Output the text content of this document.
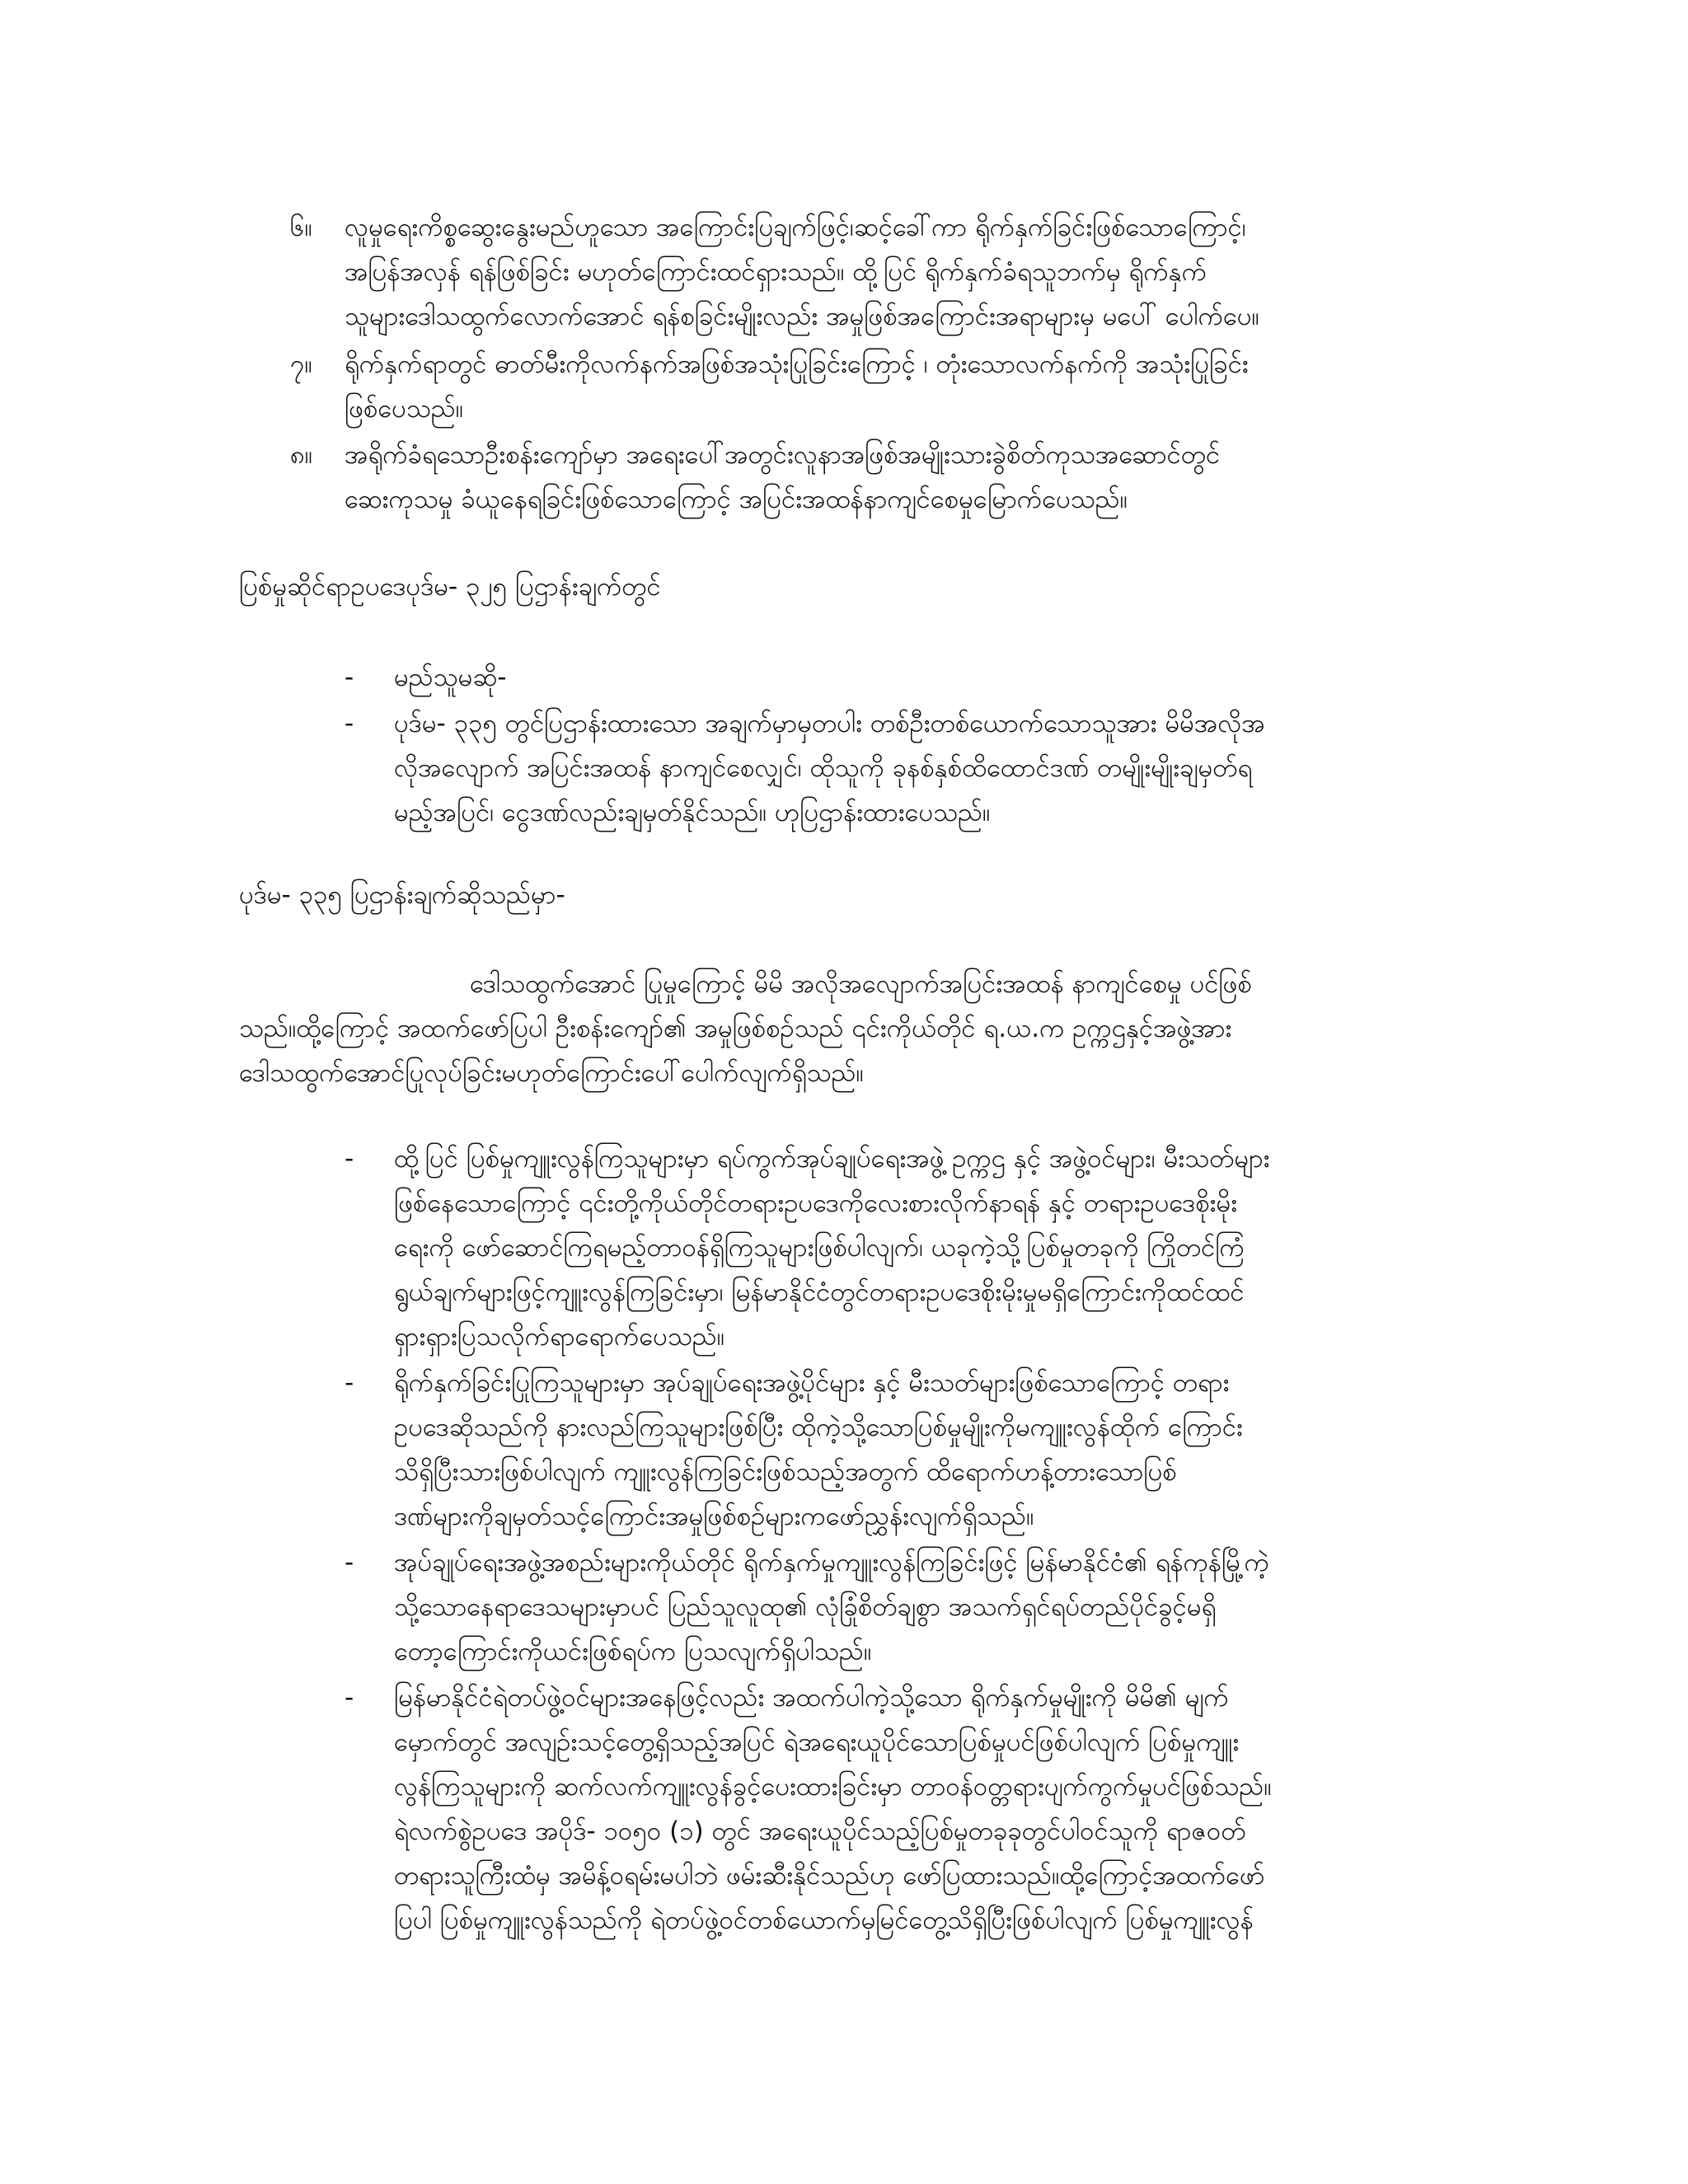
၆။ လူမှုရေးကိစ္စဆွေးနွေးမည်ဟူသော အကြောင်းပြချက်ဖြင့်၊ဆင့်ခေါ်ကာ ရိုက်နှက်ခြင်းဖြစ်သောကြောင့်၊
အပြန်အလှန် ရန်ဖြစ်ခြင်း မဟုတ်ကြောင်းထင်ရှားသည်။ ထို့ပြင် ရိုက်နှက်ခံရသူဘက်မှ ရိုက်နှက်
သူများဒေါသထွက်လောက်အောင် ရန်စခြင်းမျိုးလည်း အမှုဖြစ်အကြောင်းအရာများမှ မပေါ် ပေါက်ပေ။
၇။ ရိုက်နှက်ရာတွင် ဓာတ်မီးကိုလက်နက်အဖြစ်အသုံးပြုခြင်းကြောင့် ၊ တုံးသောလက်နက်ကို အသုံးပြုခြင်း
ဖြစ်ပေသည်။
၈။ အရိုက်ခံရသောဦးစန်းကျော်မှာ အရေးပေါ်အတွင်းလူနာအဖြစ်အမျိုးသားခွဲစိတ်ကုသအဆောင်တွင်
ဆေးကုသမှု ခံယူနေရခြင်းဖြစ်သောကြောင့် အပြင်းအထန်နာကျင်စေမှုမြောက်ပေသည်။
ပြစ်မှုဆိုင်ရာဥပဒေပုဒ်မ- ၃၂၅ ပြဌာန်းချက်တွင်
- မည်သူမဆို-
- ပုဒ်မ- ၃၃၅ တွင်ပြဌာန်းထားသော အချက်မှာမှတပါး တစ်ဦးတစ်ယောက်သောသူအား မိမိအလိုအ
လိုအလျောက် အပြင်းအထန် နာကျင်စေလျှင်၊ ထိုသူကို ခုနစ်နှစ်ထိထောင်ဒဏ် တမျိုးမျိုးချမှတ်ရ
မည့်အပြင်၊ ငွေဒဏ်လည်းချမှတ်နိုင်သည်။ ဟုပြဌာန်းထားပေသည်။
ပုဒ်မ- ၃၃၅ ပြဌာန်းချက်ဆိုသည်မှာ-
ဒေါသထွက်အောင် ပြုမှုကြောင့် မိမိ အလိုအလျောက်အပြင်းအထန် နာကျင်စေမှု ပင်ဖြစ်
သည်။ထို့ကြောင့် အထက်ဖော်ပြပါ ဦးစန်းကျော်၏ အမှုဖြစ်စဉ်သည် ၎င်းကိုယ်တိုင် ရ.ယ.က ဥက္ကဌနှင့်အဖွဲ့အား
ဒေါသထွက်အောင်ပြုလုပ်ခြင်းမဟုတ်ကြောင်းပေါ်ပေါက်လျက်ရှိသည်။
- ထို့ပြင် ပြစ်မှုကျူးလွန်ကြသူများမှာ ရပ်ကွက်အုပ်ချုပ်ရေးအဖွဲ့ ဥက္ကဌ နှင့် အဖွဲ့ဝင်များ၊ မီးသတ်များ
ဖြစ်နေသောကြောင့် ၎င်းတို့ကိုယ်တိုင်တရားဥပဒေကိုလေးစားလိုက်နာရန် နှင့် တရားဥပဒေစိုးမိုး
ရေးကို ဖော်ဆောင်ကြရမည့်တာဝန်ရှိကြသူများဖြစ်ပါလျက်၊ ယခုကဲ့သို့ပြစ်မှုတခုကို ကြိုတင်ကြံ
ရွယ်ချက်များဖြင့်ကျူးလွန်ကြခြင်းမှာ၊ မြန်မာနိုင်ငံတွင်တရားဥပဒေစိုးမိုးမှုမရှိကြောင်းကိုထင်ထင်
ရှားရှားပြသလိုက်ရာရောက်ပေသည်။
- ရိုက်နှက်ခြင်းပြုကြသူများမှာ အုပ်ချုပ်ရေးအဖွဲ့ပိုင်များ နှင့် မီးသတ်များဖြစ်သောကြောင့် တရား
ဥပဒေဆိုသည်ကို နားလည်ကြသူများဖြစ်ပြီး ထိုကဲ့သို့သောပြစ်မှုမျိုးကိုမကျူးလွန်ထိုက် ကြောင်း
သိရှိပြီးသားဖြစ်ပါလျက် ကျူးလွန်ကြခြင်းဖြစ်သည့်အတွက် ထိရောက်ဟန့်တားသောပြစ်
ဒဏ်များကိုချမှတ်သင့်ကြောင်းအမှုဖြစ်စဉ်များကဖော်ညွှန်းလျက်ရှိသည်။
- အုပ်ချုပ်ရေးအဖွဲ့အစည်းများကိုယ်တိုင် ရိုက်နှက်မှုကျူးလွန်ကြခြင်းဖြင့် မြန်မာနိုင်ငံ၏ ရန်ကုန်မြို့ကဲ့
သို့သောနေရာဒေသများမှာပင် ပြည်သူလူထု၏ လုံခြုံစိတ်ချစွာ အသက်ရှင်ရပ်တည်ပိုင်ခွင့်မရှိ
တော့ကြောင်းကိုယင်းဖြစ်ရပ်က ပြသလျက်ရှိပါသည်။
- မြန်မာနိုင်ငံရဲတပ်ဖွဲ့ဝင်များအနေဖြင့်လည်း အထက်ပါကဲ့သို့သော ရိုက်နှက်မှုမျိုးကို မိမိ၏ မျက်
မှောက်တွင် အလျဉ်းသင့်တွေ့ရှိသည့်အပြင် ရဲအရေးယူပိုင်သောပြစ်မှုပင်ဖြစ်ပါလျက် ပြစ်မှုကျူး
လွန်ကြသူများကို ဆက်လက်ကျူးလွန်ခွင့်ပေးထားခြင်းမှာ တာဝန်ဝတ္တရားပျက်ကွက်မှုပင်ဖြစ်သည်။
ရဲလက်စွဲဥပဒေ အပိုဒ်- ၁၀၅၀ (၁) တွင် အရေးယူပိုင်သည့်ပြစ်မှုတခုခုတွင်ပါဝင်သူကို ရာဇဝတ်
တရားသူကြီးထံမှ အမိန့်ဝရမ်းမပါဘဲ ဖမ်းဆီးနိုင်သည်ဟု ဖော်ပြထားသည်။ထို့ကြောင့်အထက်ဖော်
ပြပါ ပြစ်မှုကျူးလွန်သည်ကို ရဲတပ်ဖွဲ့ဝင်တစ်ယောက်မှမြင်တွေ့သိရှိပြီးဖြစ်ပါလျက် ပြစ်မှုကျူးလွန်
